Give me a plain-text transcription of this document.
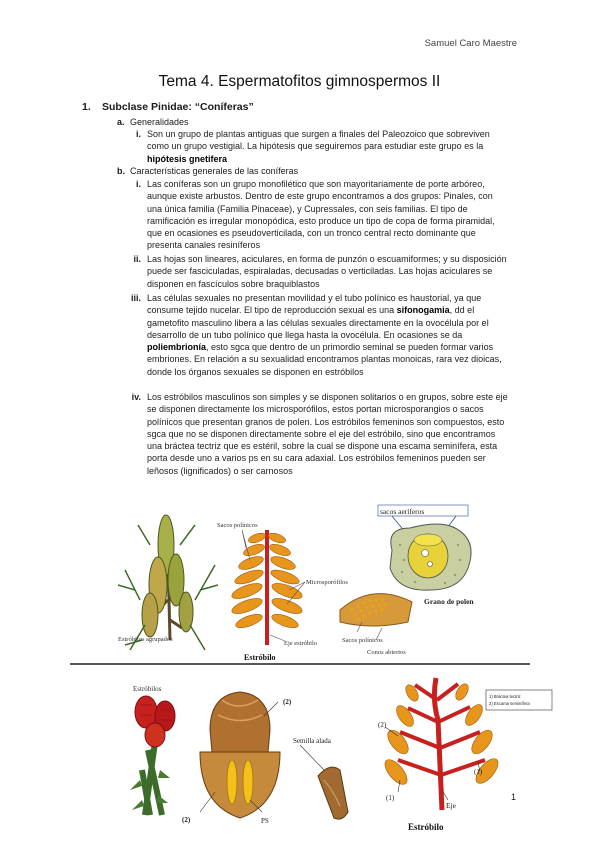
Samuel Caro Maestre
Tema 4. Espermatofitos gimnospermos II
1. Subclase Pinidae: “Coníferas”
a. Generalidades
i. Son un grupo de plantas antiguas que surgen a finales del Paleozoico que sobreviven como un grupo vestigial. La hipótesis que seguiremos para estudiar este grupo es la hipótesis gnetifera
b. Características generales de las coníferas
i. Las coníferas son un grupo monofilético que son mayoritariamente de porte arbóreo, aunque existe arbustos. Dentro de este grupo encontramos a dos grupos: Pinales, con una única familia (Familia Pinaceae), y Cupressales, con seis familias. El tipo de ramificación es irregular monopódica, esto produce un tipo de copa de forma piramidal, que en ocasiones es pseudoverticilada, con un tronco central recto dominante que presenta canales resiníferos
ii. Las hojas son lineares, aciculares, en forma de punzón o escuamiformes; y su disposición puede ser fasciculadas, espiraladas, decusadas o verticiladas. Las hojas aciculares se disponen en fascículos sobre braquiblastos
iii. Las células sexuales no presentan movilidad y el tubo polínico es haustorial, ya que consume tejido nucelar. El tipo de reproducción sexual es una sifonogamia, dd el gametofito masculino libera a las células sexuales directamente en la ovocélula por el desarrollo de un tubo polínico que llega hasta la ovocélula. En ocasiones se da poliembrionía, esto sgca que dentro de un primordio seminal se pueden formar varios embriones. En relación a su sexualidad encontramos plantas monoicas, rara vez dioicas, donde los órganos sexuales se disponen en estróbilos
iv. Los estróbilos masculinos son simples y se disponen solitarios o en grupos, sobre este eje se disponen directamente los microsporófilos, estos portan microsporangios o sacos polínicos que presentan granos de polen. Los estróbilos femeninos son compuestos, esto sgca que no se disponen directamente sobre el eje del estróbilo, sino que encontramos una bráctea tectriz que es estéril, sobre la cual se dispone una escama seminífera, esta porta desde uno a varios ps en su cara adaxial. Los estróbilos femeninos pueden ser leñosos (lignificados) o ser carnosos
Estróbilos agrupados
Sacos polínicos
Microsporófilos
Eje estróbilo
Estróbilo
Sacos polínicos
Conos abiertos
sacos aeríferos
Grano de polen
Estróbilos
(2)
(2)	PS
Semilla alada
1) Bráctea tectriz
2) Escama seminífera
(2)
(1)
(1)
Eje
Estróbilo
1
